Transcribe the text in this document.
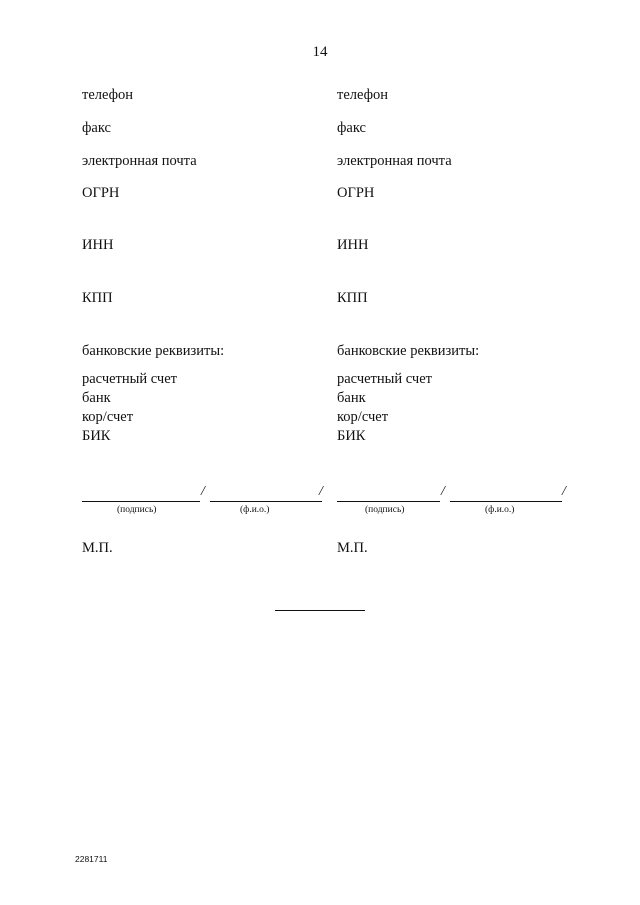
14
телефон
факс
электронная почта
ОГРН
ИНН
КПП
банковские реквизиты:
расчетный счет
банк
кор/счет
БИК
/	/
(подпись)	(ф.и.о.)
М.П.
телефон
факс
электронная почта
ОГРН
ИНН
КПП
банковские реквизиты:
расчетный счет
банк
кор/счет
БИК
/	/
(подпись)	(ф.и.о.)
М.П.
2281711
